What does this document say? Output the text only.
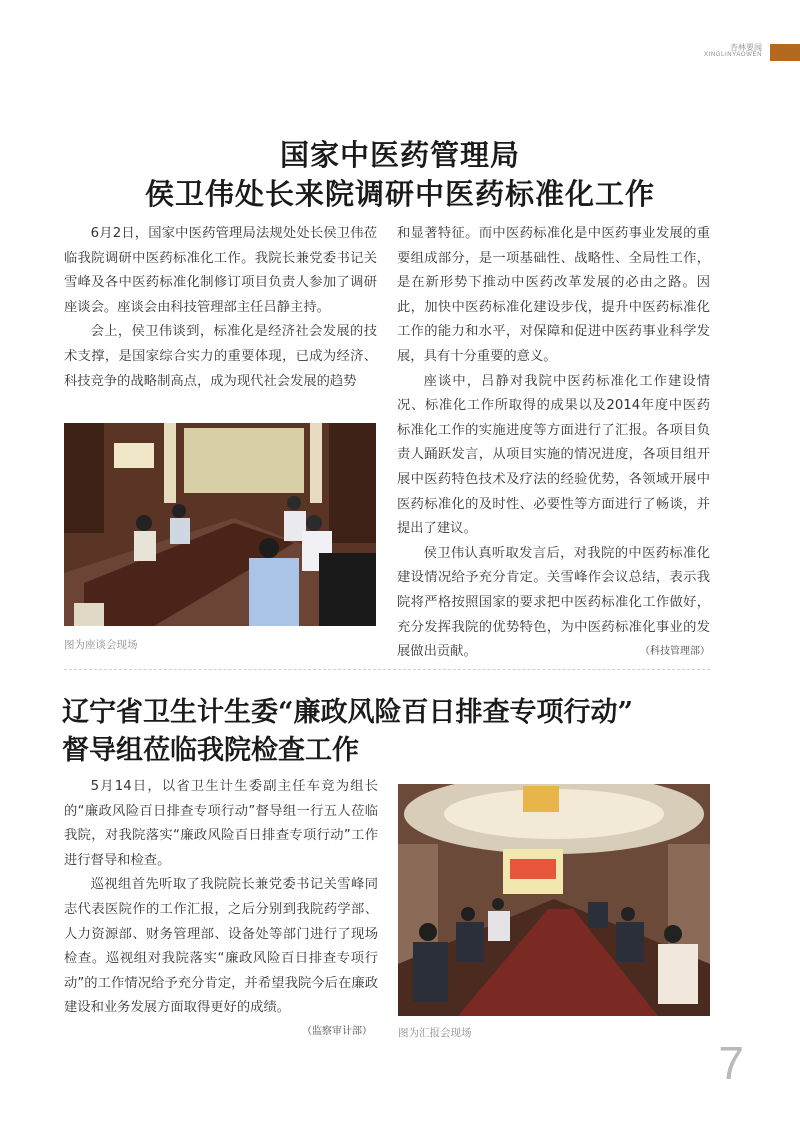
杏林要闻
XINGLINYAOWEN
国家中医药管理局
侯卫伟处长来院调研中医药标准化工作

6月2日，国家中医药管理局法规处处长侯卫伟莅临我院调研中医药标准化工作。我院长兼党委书记关雪峰及各中医药标准化制修订项目负责人参加了调研座谈会。座谈会由科技管理部主任吕静主持。

会上，侯卫伟谈到，标准化是经济社会发展的技术支撑，是国家综合实力的重要体现，已成为经济、科技竞争的战略制高点，成为现代社会发展的趋势

图为座谈会现场

和显著特征。而中医药标准化是中医药事业发展的重要组成部分，是一项基础性、战略性、全局性工作，是在新形势下推动中医药改革发展的必由之路。因此，加快中医药标准化建设步伐，提升中医药标准化工作的能力和水平，对保障和促进中医药事业科学发展，具有十分重要的意义。

座谈中，吕静对我院中医药标准化工作建设情况、标准化工作所取得的成果以及2014年度中医药标准化工作的实施进度等方面进行了汇报。各项目负责人踊跃发言，从项目实施的情况进度，各项目组开展中医药特色技术及疗法的经验优势，各领域开展中医药标准化的及时性、必要性等方面进行了畅谈，并提出了建议。

侯卫伟认真听取发言后，对我院的中医药标准化建设情况给予充分肯定。关雪峰作会议总结，表示我院将严格按照国家的要求把中医药标准化工作做好，充分发挥我院的优势特色，为中医药标准化事业的发展做出贡献。	（科技管理部）
辽宁省卫生计生委“廉政风险百日排查专项行动”
督导组莅临我院检查工作

5月14日，以省卫生计生委副主任车竞为组长的“廉政风险百日排查专项行动”督导组一行五人莅临我院，对我院落实“廉政风险百日排查专项行动”工作进行督导和检查。

巡视组首先听取了我院院长兼党委书记关雪峰同志代表医院作的工作汇报，之后分别到我院药学部、人力资源部、财务管理部、设备处等部门进行了现场检查。巡视组对我院落实“廉政风险百日排查专项行动”的工作情况给予充分肯定，并希望我院今后在廉政建设和业务发展方面取得更好的成绩。

（监察审计部） 图为汇报会现场
7
